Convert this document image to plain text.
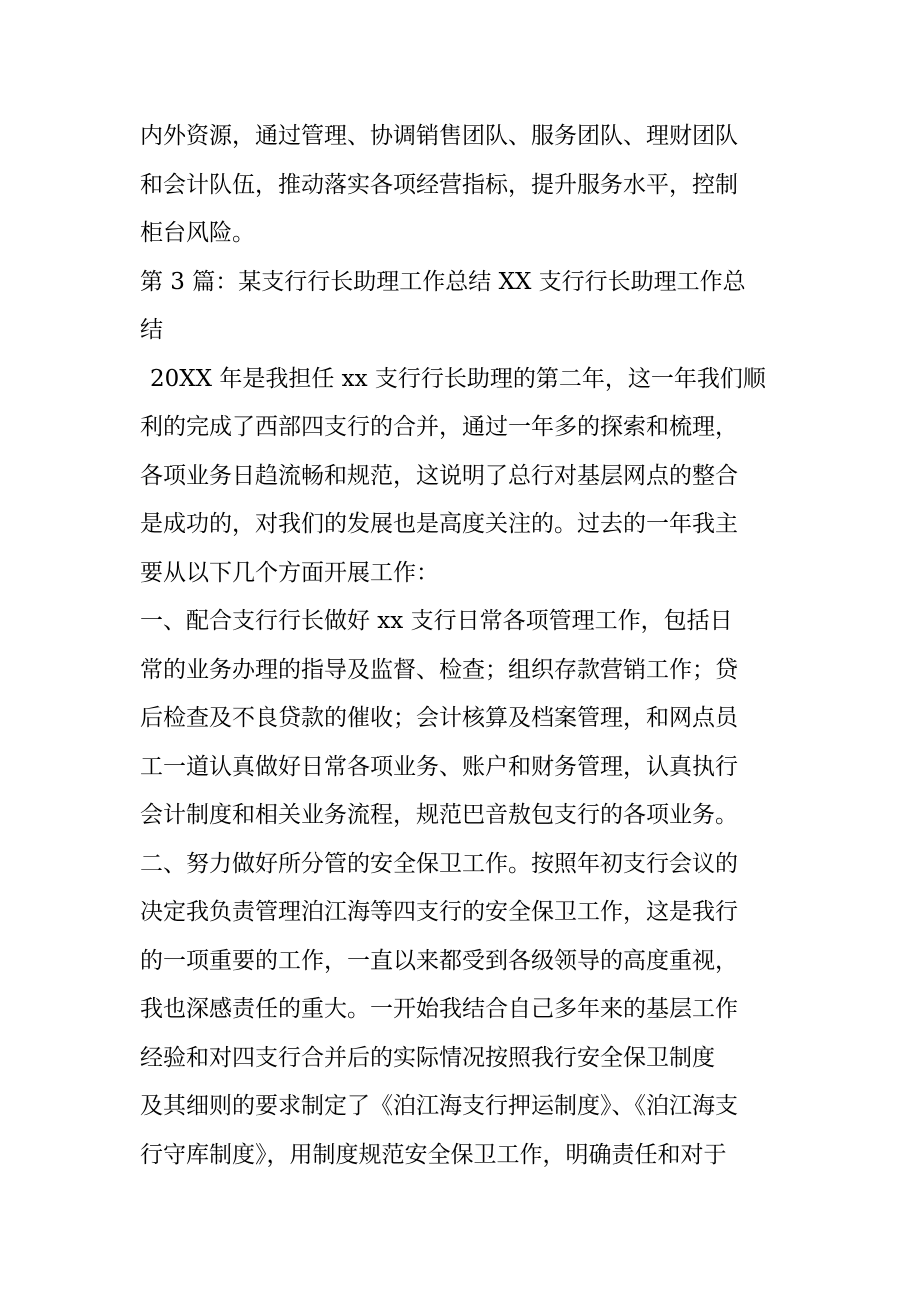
内外资源，通过管理、协调销售团队、服务团队、理财团队
和会计队伍，推动落实各项经营指标，提升服务水平，控制
柜台风险。
第 3 篇：某支行行长助理工作总结 XX 支行行长助理工作总
结
20XX 年是我担任 xx 支行行长助理的第二年，这一年我们顺
利的完成了西部四支行的合并，通过一年多的探索和梳理，
各项业务日趋流畅和规范，这说明了总行对基层网点的整合
是成功的，对我们的发展也是高度关注的。过去的一年我主
要从以下几个方面开展工作：
一、配合支行行长做好 xx 支行日常各项管理工作，包括日
常的业务办理的指导及监督、检查；组织存款营销工作；贷
后检查及不良贷款的催收；会计核算及档案管理，和网点员
工一道认真做好日常各项业务、账户和财务管理，认真执行
会计制度和相关业务流程，规范巴音敖包支行的各项业务。
二、努力做好所分管的安全保卫工作。按照年初支行会议的
决定我负责管理泊江海等四支行的安全保卫工作，这是我行
的一项重要的工作，一直以来都受到各级领导的高度重视，
我也深感责任的重大。一开始我结合自己多年来的基层工作
经验和对四支行合并后的实际情况按照我行安全保卫制度
及其细则的要求制定了《泊江海支行押运制度》、《泊江海支
行守库制度》，用制度规范安全保卫工作，明确责任和对于
